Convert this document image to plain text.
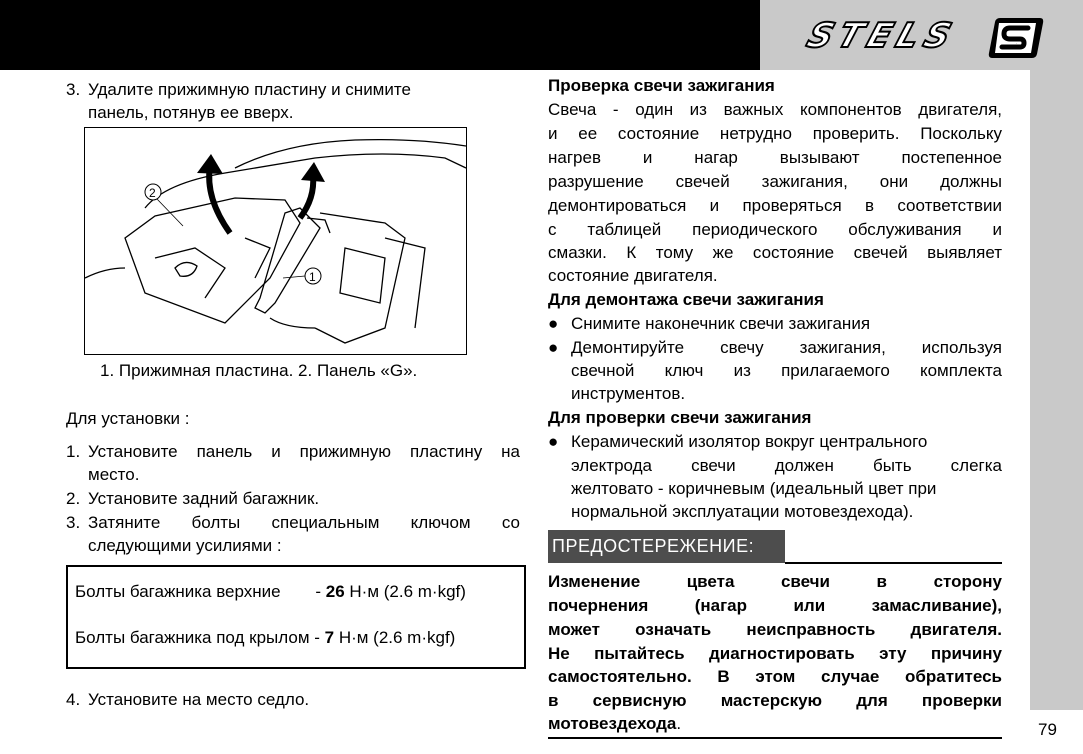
STELS	S
79
3. Удалите прижимную пластину и снимите
панель, потянув ее вверх.
2
1
1. Прижимная пластина. 2. Панель «G».
Для установки :
1. Установите панель и прижимную пластину на
место.
2. Установите задний багажник.
3. Затяните болты специальным ключом со
следующими усилиями :
Болты багажника верхние - 26 Н·м (2.6 m·kgf)
Болты багажника под крылом - 7 Н·м (2.6 m·kgf)
4. Установите на место седло.
Проверка свечи зажигания
Свеча - один из важных компонентов двигателя,
и ее состояние нетрудно проверить. Поскольку
нагрев и нагар вызывают постепенное
разрушение свечей зажигания, они должны
демонтироваться и проверяться в соответствии
с таблицей периодического обслуживания и
смазки. К тому же состояние свечей выявляет
состояние двигателя.
Для демонтажа свечи зажигания
● Снимите наконечник свечи зажигания
● Демонтируйте свечу зажигания, используя
свечной ключ из прилагаемого комплекта
инструментов.
Для проверки свечи зажигания
● Керамический изолятор вокруг центрального
электрода свечи должен быть слегка
желтовато - коричневым (идеальный цвет при
нормальной эксплуатации мотовездехода).
ПРЕДОСТЕРЕЖЕНИЕ:
Изменение цвета свечи в сторону
почернения (нагар или замасливание),
может означать неисправность двигателя.
Не пытайтесь диагностировать эту причину
самостоятельно. В этом случае обратитесь
в сервисную мастерскую для проверки
мотовездехода.
